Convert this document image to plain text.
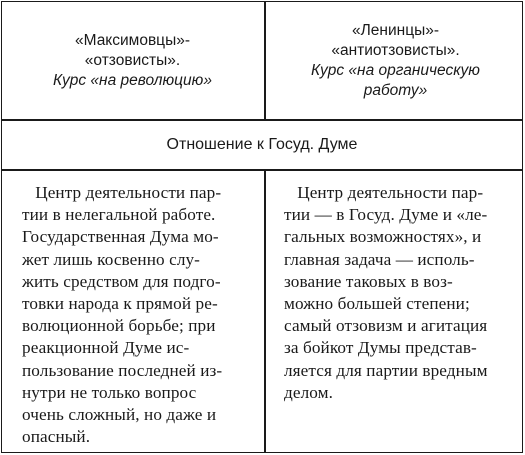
«Максимовцы»-
«отзовисты».
Курс «на революцию»
«Ленинцы»-
«антиотзовисты».
Курс «на органическую
работу»
Отношение к Госуд. Думе
Центр деятельности пар-
тии в нелегальной работе.
Государственная Дума мо-
жет лишь косвенно слу-
жить средством для подго-
товки народа к прямой ре-
волюционной борьбе; при
реакционной Думе ис-
пользование последней из-
нутри не только вопрос
очень сложный, но даже и
опасный.
Центр деятельности пар-
тии — в Госуд. Думе и «ле-
гальных возможностях», и
главная задача — исполь-
зование таковых в воз-
можно большей степени;
самый отзовизм и агитация
за бойкот Думы представ-
ляется для партии вредным
делом.
